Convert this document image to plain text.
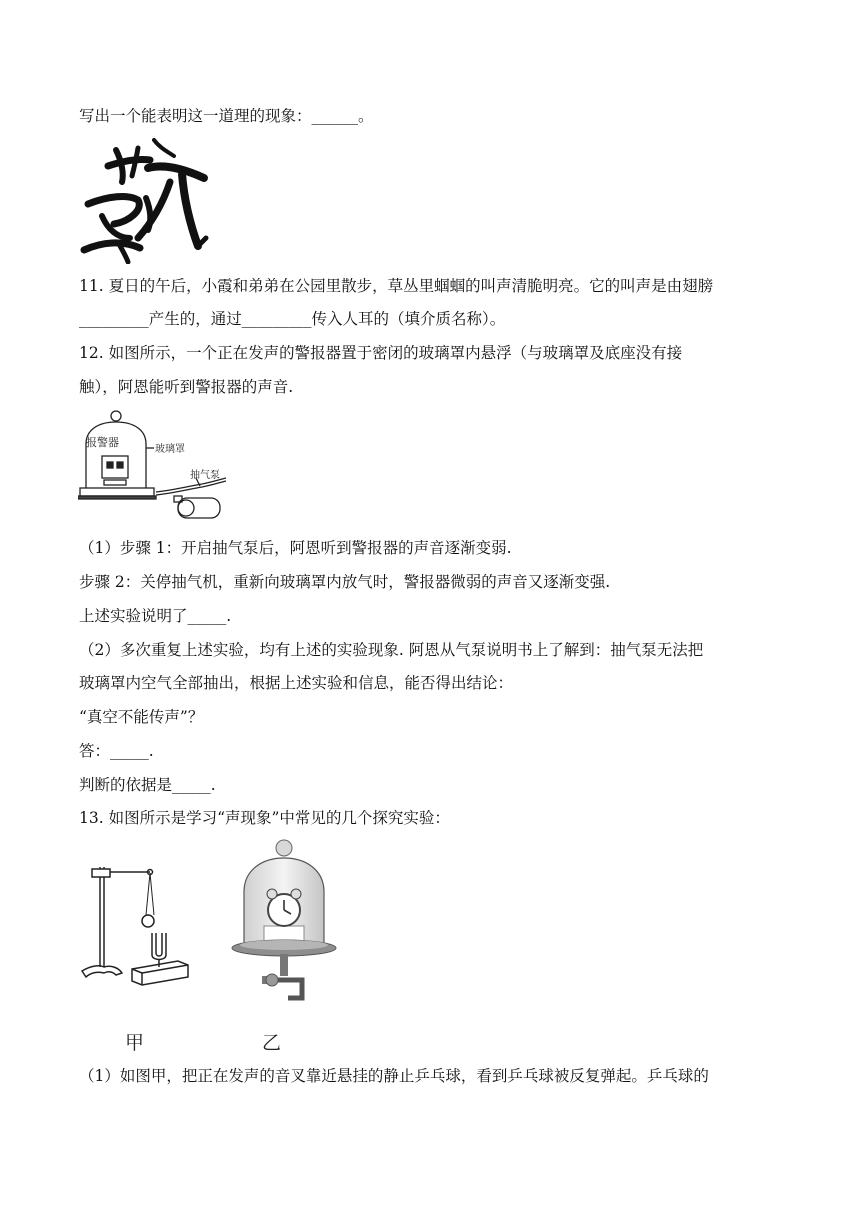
写出一个能表明这一道理的现象：______。
11. 夏日的午后，小霞和弟弟在公园里散步，草丛里蝈蝈的叫声清脆明亮。它的叫声是由翅膀
_________产生的，通过_________传入人耳的（填介质名称）。
12. 如图所示，一个正在发声的警报器置于密闭的玻璃罩内悬浮（与玻璃罩及底座没有接
触），阿恩能听到警报器的声音.
报警器
玻璃罩
抽气泵
（1）步骤 1：开启抽气泵后，阿恩听到警报器的声音逐渐变弱.
步骤 2：关停抽气机，重新向玻璃罩内放气时，警报器微弱的声音又逐渐变强.
上述实验说明了_____.
（2）多次重复上述实验，均有上述的实验现象. 阿恩从气泵说明书上了解到：抽气泵无法把
玻璃罩内空气全部抽出，根据上述实验和信息，能否得出结论：
“真空不能传声”？
答：_____.
判断的依据是_____.
13. 如图所示是学习“声现象”中常见的几个探究实验：
甲	乙
（1）如图甲，把正在发声的音叉靠近悬挂的静止乒乓球，看到乒乓球被反复弹起。乒乓球的
